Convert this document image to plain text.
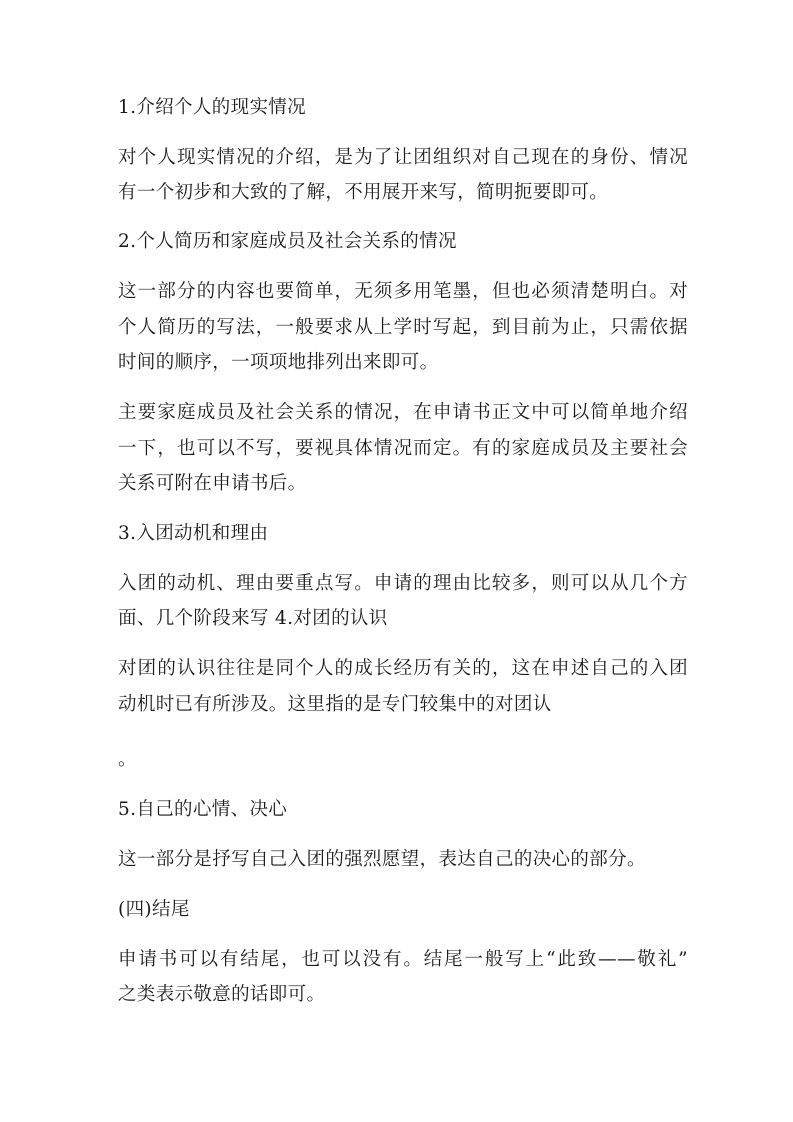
1.介绍个人的现实情况
对个人现实情况的介绍，是为了让团组织对自己现在的身份、情况
有一个初步和大致的了解，不用展开来写，简明扼要即可。
2.个人简历和家庭成员及社会关系的情况
这一部分的内容也要简单，无须多用笔墨，但也必须清楚明白。对
个人简历的写法，一般要求从上学时写起，到目前为止，只需依据
时间的顺序，一项项地排列出来即可。
主要家庭成员及社会关系的情况，在申请书正文中可以简单地介绍
一下，也可以不写，要视具体情况而定。有的家庭成员及主要社会
关系可附在申请书后。
3.入团动机和理由
入团的动机、理由要重点写。申请的理由比较多，则可以从几个方
面、几个阶段来写 4.对团的认识
对团的认识往往是同个人的成长经历有关的，这在申述自己的入团
动机时已有所涉及。这里指的是专门较集中的对团认
。
5.自己的心情、决心
这一部分是抒写自己入团的强烈愿望，表达自己的决心的部分。
(四)结尾
申请书可以有结尾，也可以没有。结尾一般写上“此致——敬礼”
之类表示敬意的话即可。
